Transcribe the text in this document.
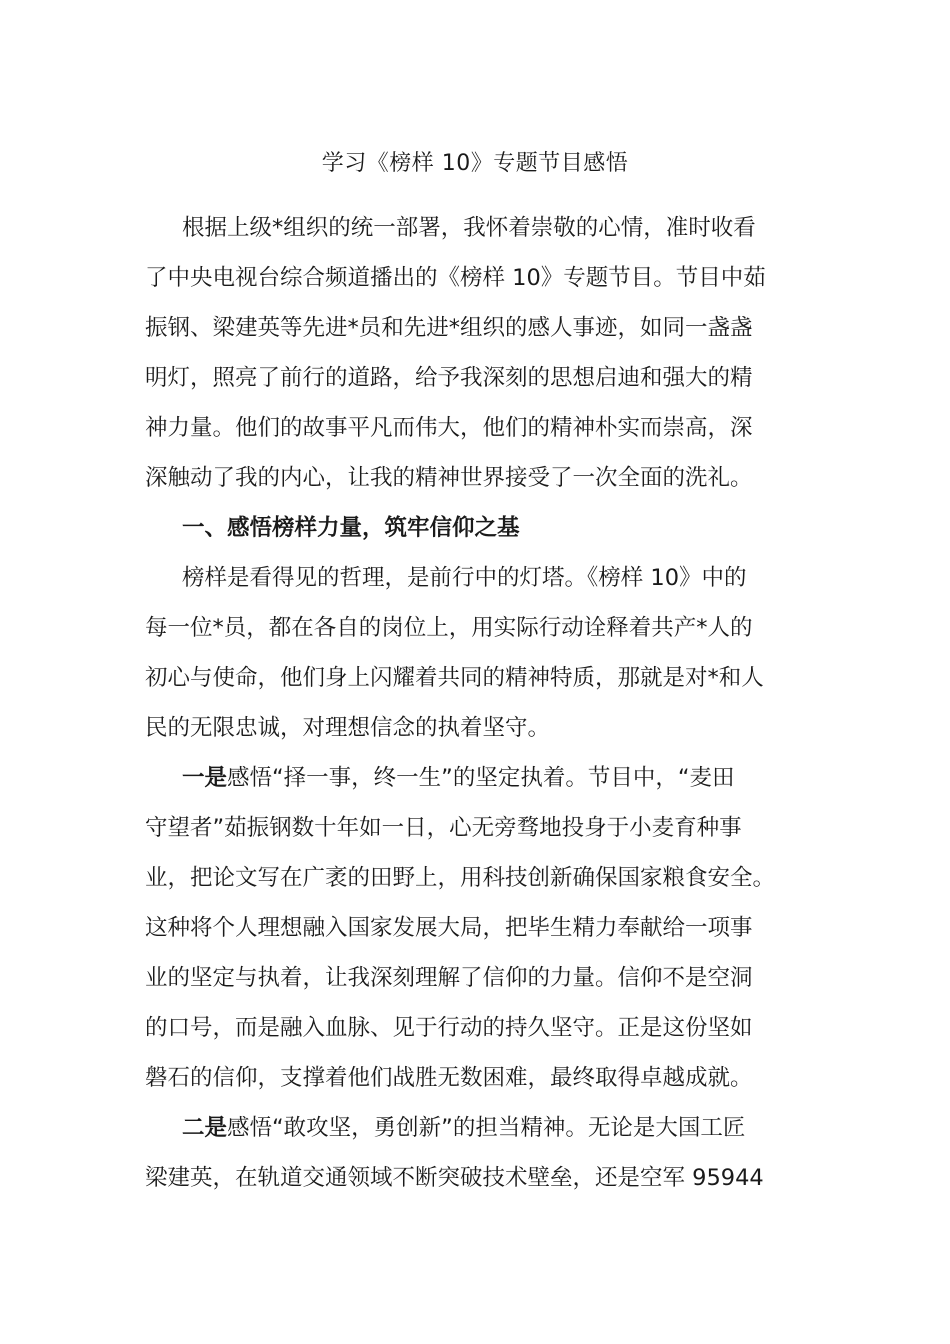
学习《榜样 10》专题节目感悟
根据上级*组织的统一部署，我怀着崇敬的心情，准时收看
了中央电视台综合频道播出的《榜样 10》专题节目。节目中茹
振钢、梁建英等先进*员和先进*组织的感人事迹，如同一盏盏
明灯，照亮了前行的道路，给予我深刻的思想启迪和强大的精
神力量。他们的故事平凡而伟大，他们的精神朴实而崇高，深
深触动了我的内心，让我的精神世界接受了一次全面的洗礼。
一、感悟榜样力量，筑牢信仰之基
榜样是看得见的哲理，是前行中的灯塔。《榜样 10》中的
每一位*员，都在各自的岗位上，用实际行动诠释着共产*人的
初心与使命，他们身上闪耀着共同的精神特质，那就是对*和人
民的无限忠诚，对理想信念的执着坚守。
一是感悟“择一事，终一生”的坚定执着。节目中，“麦田
守望者”茹振钢数十年如一日，心无旁骛地投身于小麦育种事
业，把论文写在广袤的田野上，用科技创新确保国家粮食安全。
这种将个人理想融入国家发展大局，把毕生精力奉献给一项事
业的坚定与执着，让我深刻理解了信仰的力量。信仰不是空洞
的口号，而是融入血脉、见于行动的持久坚守。正是这份坚如
磐石的信仰，支撑着他们战胜无数困难，最终取得卓越成就。
二是感悟“敢攻坚，勇创新”的担当精神。无论是大国工匠
梁建英，在轨道交通领域不断突破技术壁垒，还是空军 95944
